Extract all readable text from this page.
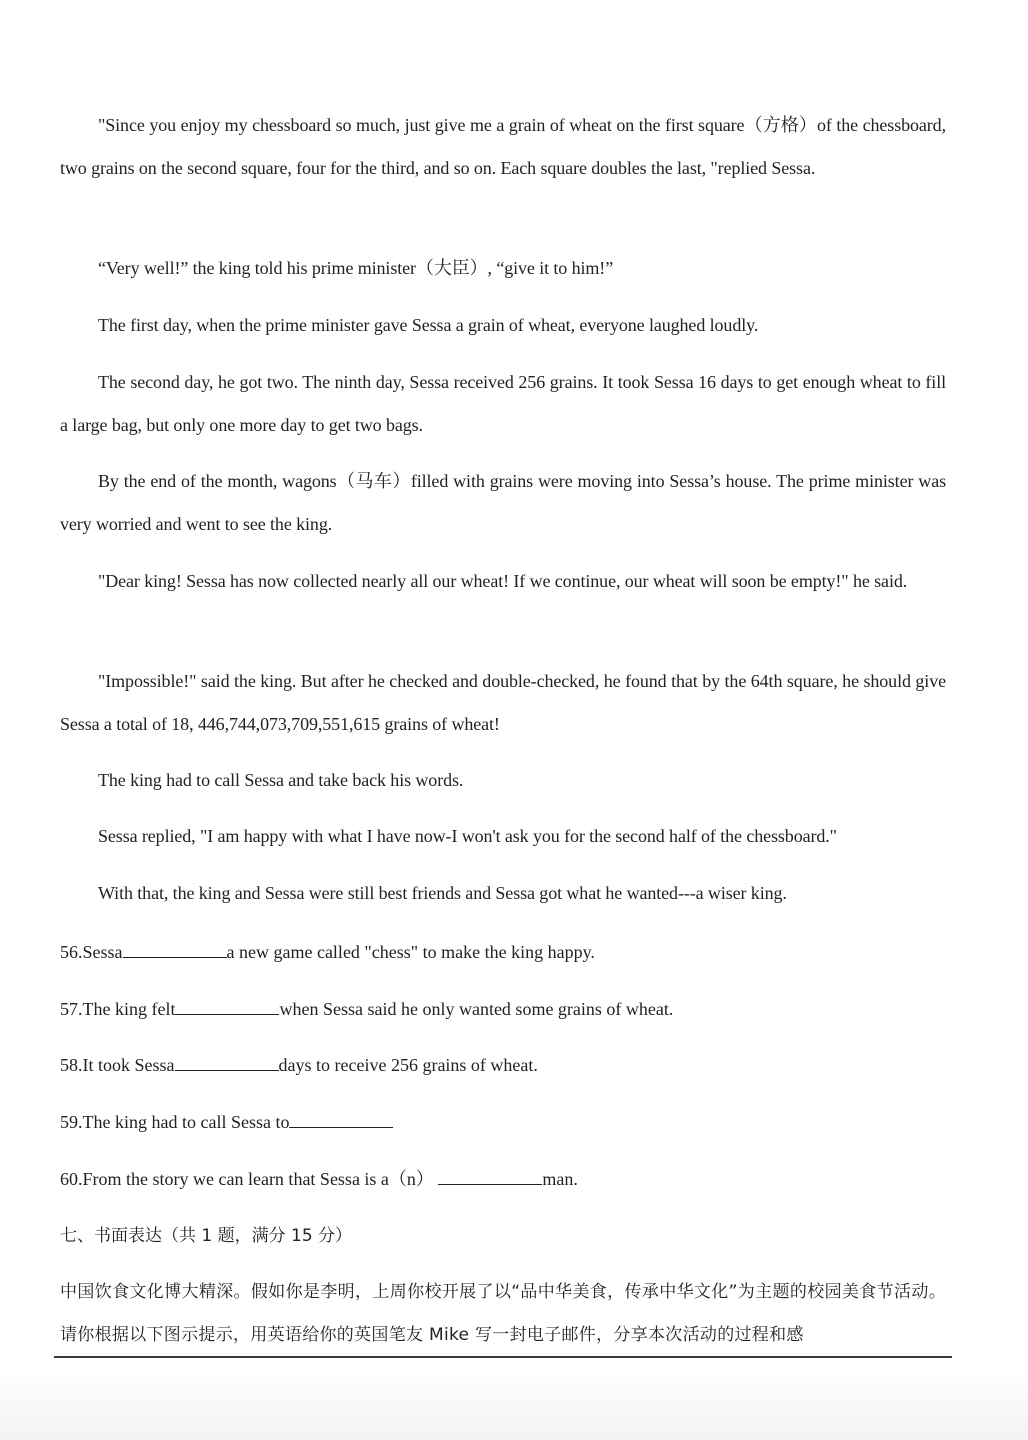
"Since you enjoy my chessboard so much, just give me a grain of wheat on the first square（方格）of the chessboard, two grains on the second square, four for the third, and so on. Each square doubles the last, "replied Sessa.
“Very well!” the king told his prime minister（大臣）, “give it to him!”
The first day, when the prime minister gave Sessa a grain of wheat, everyone laughed loudly.
The second day, he got two. The ninth day, Sessa received 256 grains. It took Sessa 16 days to get enough wheat to fill a large bag, but only one more day to get two bags.
By the end of the month, wagons（马车）filled with grains were moving into Sessa’s house. The prime minister was very worried and went to see the king.
"Dear king! Sessa has now collected nearly all our wheat! If we continue, our wheat will soon be empty!" he said.
"Impossible!" said the king. But after he checked and double-checked, he found that by the 64th square, he should give Sessa a total of 18, 446,744,073,709,551,615 grains of wheat!
The king had to call Sessa and take back his words.
Sessa replied, "I am happy with what I have now-I won't ask you for the second half of the chessboard."
With that, the king and Sessa were still best friends and Sessa got what he wanted---a wiser king.
56.Sessa	a new game called "chess" to make the king happy.
57.The king felt	when Sessa said he only wanted some grains of wheat.
58.It took Sessa	days to receive 256 grains of wheat.
59.The king had to call Sessa to
60.From the story we can learn that Sessa is a（n）	man.
七、书面表达（共 1 题，满分 15 分）
中国饮食文化博大精深。假如你是李明，上周你校开展了以“品中华美食，传承中华文化”为主题的校园美食节活动。请你根据以下图示提示，用英语给你的英国笔友 Mike 写一封电子邮件，分享本次活动的过程和感
